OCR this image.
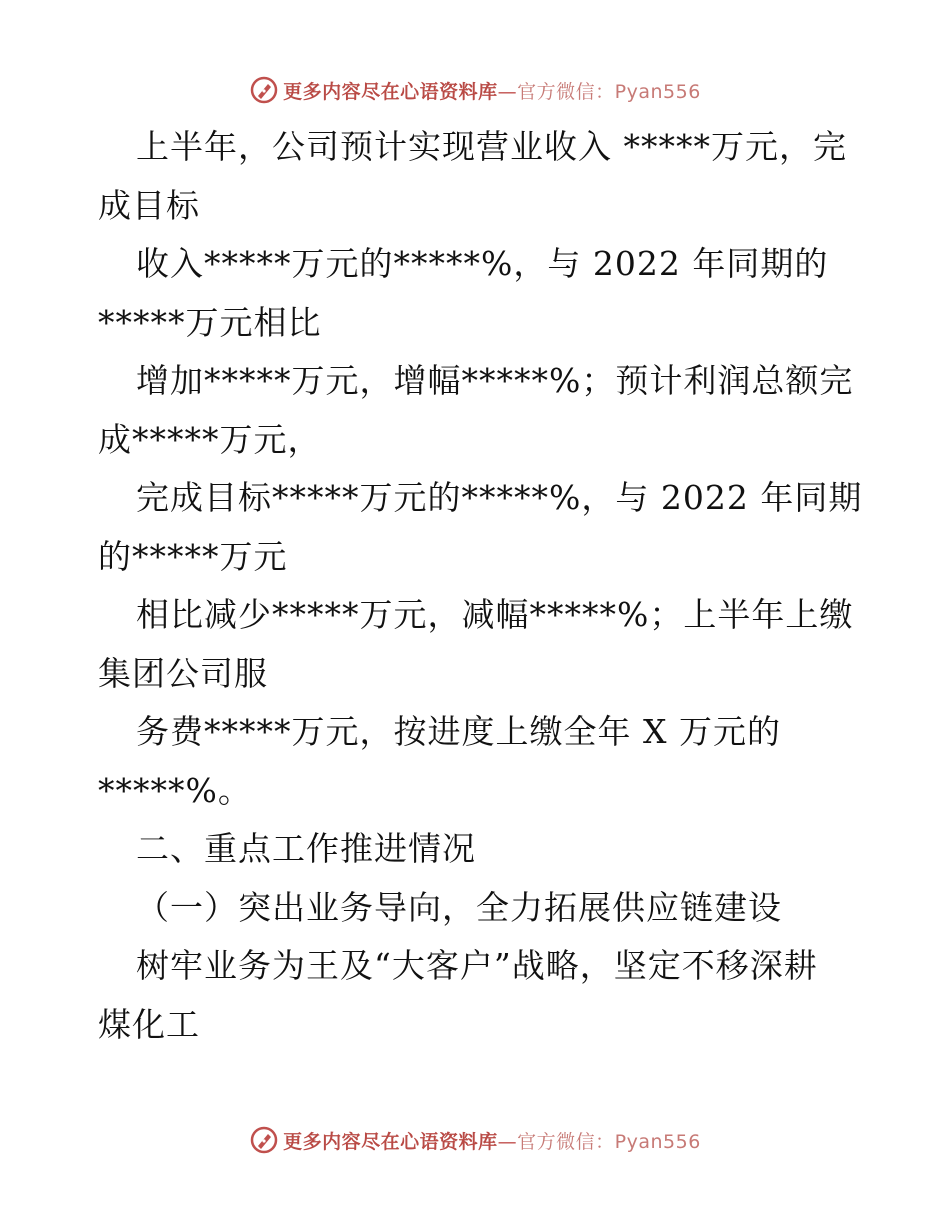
更多内容尽在心语资料库—官方微信：Pyan556
上半年，公司预计实现营业收入 *****万元，完
成目标
收入*****万元的*****%，与 2022 年同期的
*****万元相比
增加*****万元，增幅*****%；预计利润总额完
成*****万元，
完成目标*****万元的*****%，与 2022 年同期
的*****万元
相比减少*****万元，减幅*****%；上半年上缴
集团公司服
务费*****万元，按进度上缴全年 X 万元的
*****%。
二、重点工作推进情况
（一）突出业务导向，全力拓展供应链建设
树牢业务为王及“大客户”战略，坚定不移深耕
煤化工
更多内容尽在心语资料库—官方微信：Pyan556
